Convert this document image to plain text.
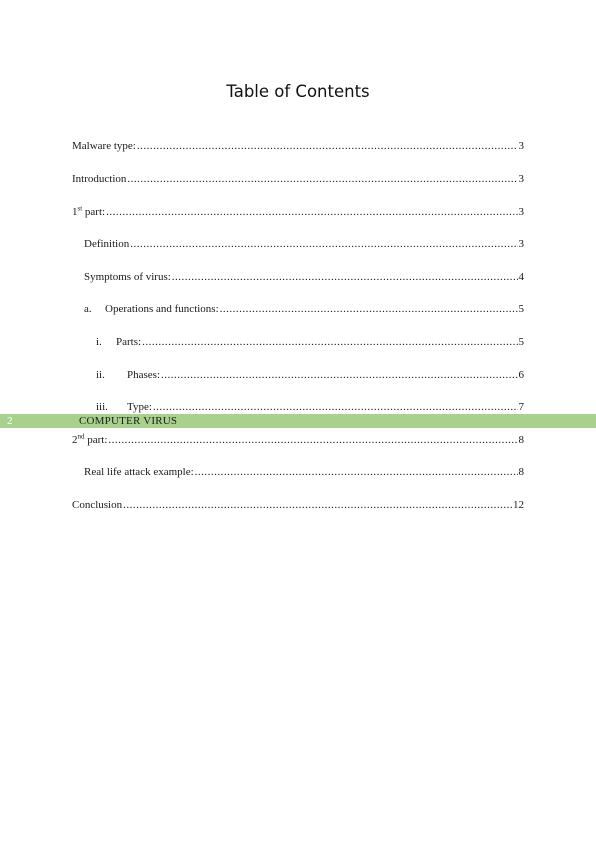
Table of Contents
Malware type: .....	3
Introduction .....	3
1st part: .....	3
Definition .....	3
Symptoms of virus: .....	4
a.	Operations and functions: .....	5
i.	Parts: .....	5
ii.	Phases: .....	6
iii.	Type: .....	7
2	COMPUTER VIRUS
2nd part: .....	8
Real life attack example: .....	8
Conclusion .....	12
